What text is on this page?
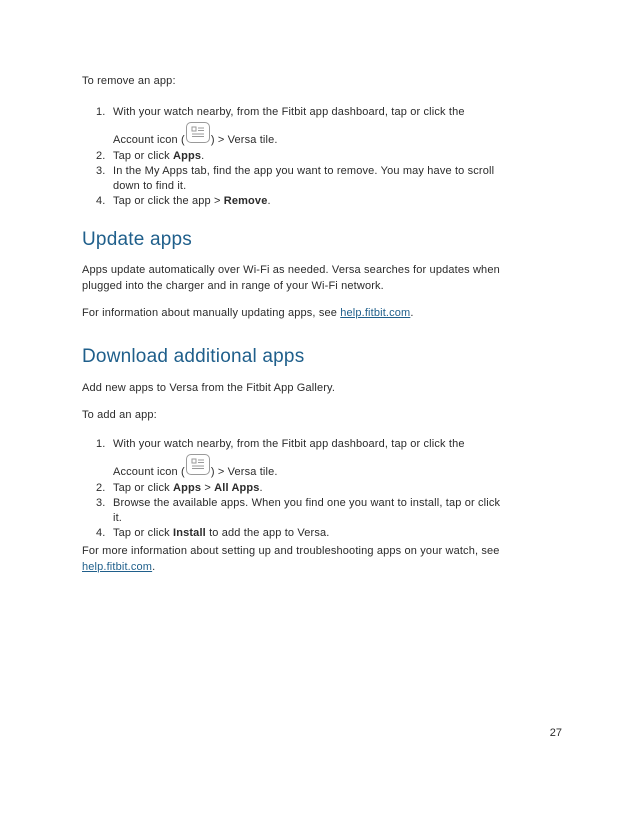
To remove an app:
1. With your watch nearby, from the Fitbit app dashboard, tap or click the
Account icon ( ) > Versa tile.
2. Tap or click Apps.
3. In the My Apps tab, find the app you want to remove. You may have to scroll
down to find it.
4. Tap or click the app > Remove.
Update apps
Apps update automatically over Wi-Fi as needed. Versa searches for updates when
plugged into the charger and in range of your Wi-Fi network.
For information about manually updating apps, see help.fitbit.com.
Download additional apps
Add new apps to Versa from the Fitbit App Gallery.
To add an app:
1. With your watch nearby, from the Fitbit app dashboard, tap or click the
Account icon ( ) > Versa tile.
2. Tap or click Apps > All Apps.
3. Browse the available apps. When you find one you want to install, tap or click
it.
4. Tap or click Install to add the app to Versa.
For more information about setting up and troubleshooting apps on your watch, see
help.fitbit.com.
27
